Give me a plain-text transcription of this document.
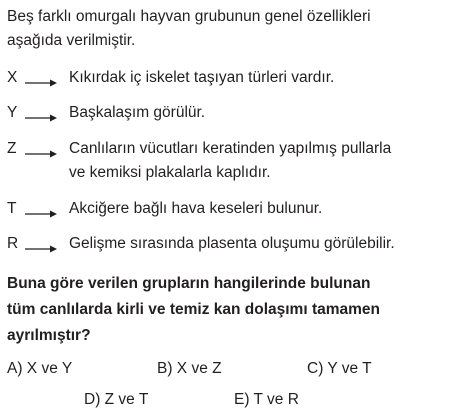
Beş farklı omurgalı hayvan grubunun genel özellikleri
aşağıda verilmiştir.
X	Kıkırdak iç iskelet taşıyan türleri vardır.
Y	Başkalaşım görülür.
Z	Canlıların vücutları keratinden yapılmış pullarla
ve kemiksi plakalarla kaplıdır.
T	Akciğere bağlı hava keseleri bulunur.
R	Gelişme sırasında plasenta oluşumu görülebilir.
Buna göre verilen grupların hangilerinde bulunan
tüm canlılarda kirli ve temiz kan dolaşımı tamamen
ayrılmıştır?
A) X ve Y	B) X ve Z	C) Y ve T
D) Z ve T	E) T ve R
